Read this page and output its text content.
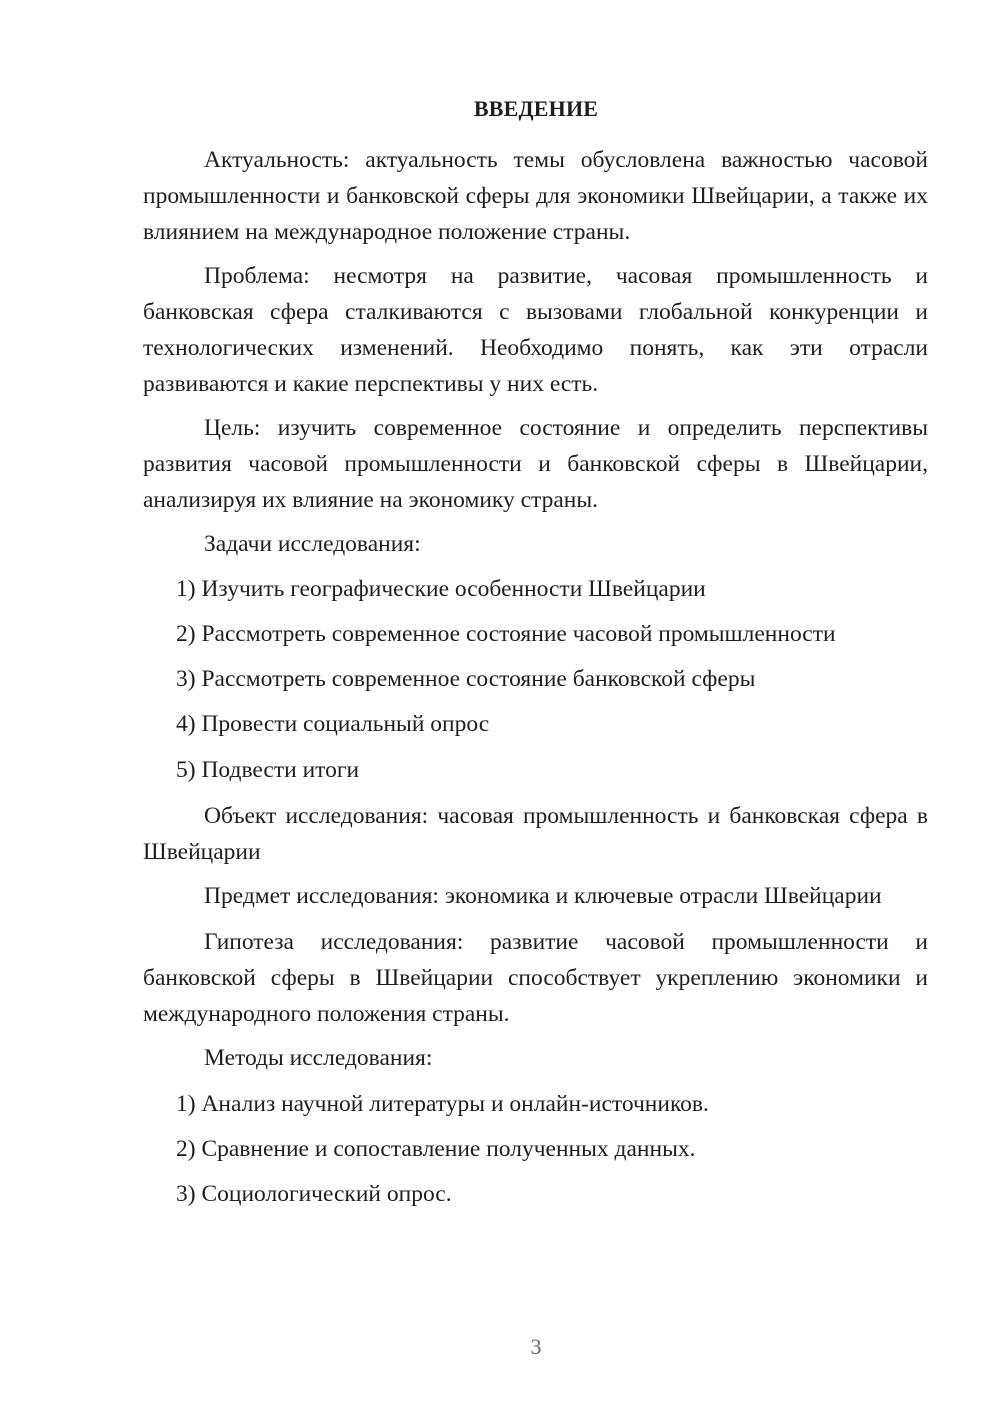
ВВЕДЕНИЕ

Актуальность: актуальность темы обусловлена важностью часовой промышленности и банковской сферы для экономики Швейцарии, а также их влиянием на международное положение страны.

Проблема: несмотря на развитие, часовая промышленность и банковская сфера сталкиваются с вызовами глобальной конкуренции и технологических изменений. Необходимо понять, как эти отрасли развиваются и какие перспективы у них есть.

Цель: изучить современное состояние и определить перспективы развития часовой промышленности и банковской сферы в Швейцарии, анализируя их влияние на экономику страны.

Задачи исследования:

1) Изучить географические особенности Швейцарии

2) Рассмотреть современное состояние часовой промышленности

3) Рассмотреть современное состояние банковской сферы

4) Провести социальный опрос

5) Подвести итоги

Объект исследования: часовая промышленность и банковская сфера в Швейцарии

Предмет исследования: экономика и ключевые отрасли Швейцарии

Гипотеза исследования: развитие часовой промышленности и банковской сферы в Швейцарии способствует укреплению экономики и международного положения страны.

Методы исследования:

1) Анализ научной литературы и онлайн-источников.

2) Сравнение и сопоставление полученных данных.

3) Социологический опрос.

3
